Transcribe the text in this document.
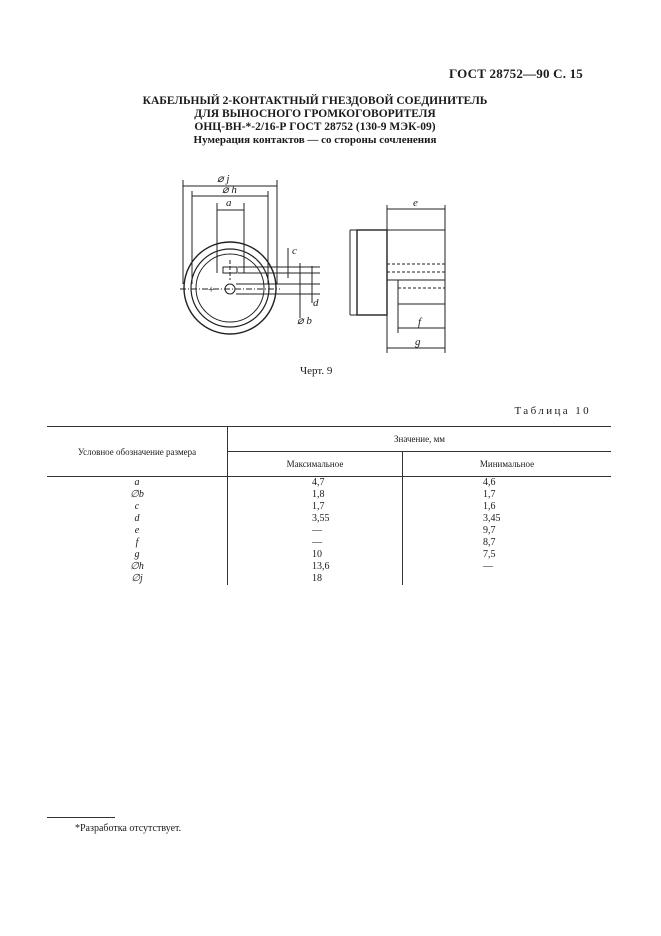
ГОСТ 28752—90 С. 15
КАБЕЛЬНЫЙ 2-КОНТАКТНЫЙ ГНЕЗДОВОЙ СОЕДИНИТЕЛЬ
ДЛЯ ВЫНОСНОГО ГРОМКОГОВОРИТЕЛЯ
ОНЦ-ВН-*-2/16-Р ГОСТ 28752 (130-9 МЭК-09)
Нумерация контактов — со стороны сочленения
⌀ j
⌀ h
a
c
d
⌀ b
e
f
g
+
Черт. 9
Таблица 10
Условное обозначение размера	Значение, мм	
	Максимальное	Минимальное
a	4,7	4,6
∅b	1,8	1,7
c	1,7	1,6
d	3,55	3,45
e	—	9,7
f	—	8,7
g	10	7,5
∅h	13,6	—
∅j	18	
*Разработка отсутствует.
